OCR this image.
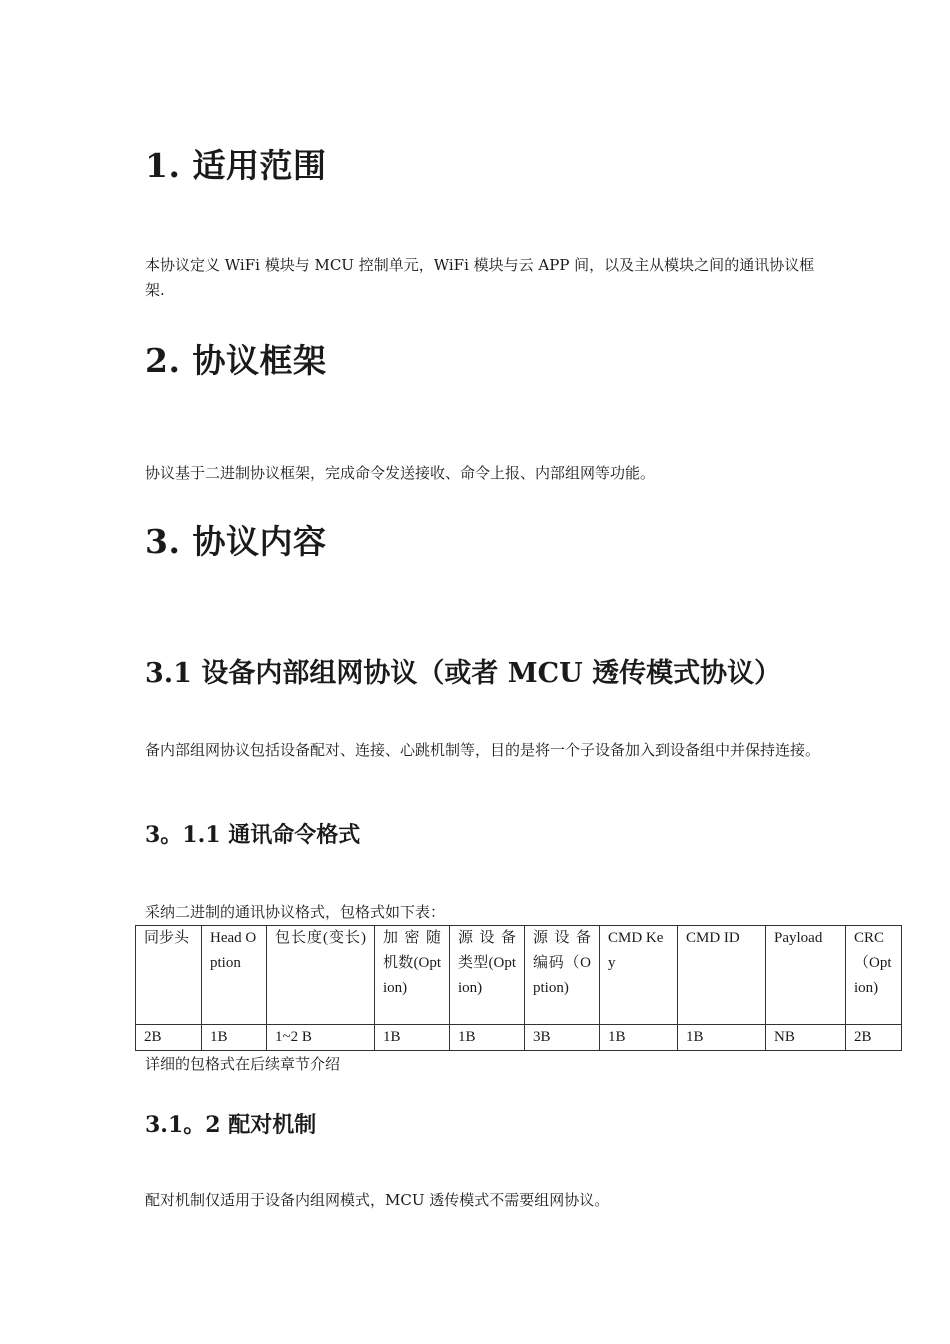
1. 适用范围
本协议定义 WiFi 模块与 MCU 控制单元，WiFi 模块与云 APP 间，以及主从模块之间的通讯协议框架.
2. 协议框架
协议基于二进制协议框架，完成命令发送接收、命令上报、内部组网等功能。
3. 协议内容
3.1 设备内部组网协议（或者 MCU 透传模式协议）
备内部组网协议包括设备配对、连接、心跳机制等，目的是将一个子设备加入到设备组中并保持连接。
3。1.1 通讯命令格式
采纳二进制的通讯协议格式，包格式如下表：
同步头	Head Option	包长度(变长)	加密随机数(Option)	源设备类型(Option)	源设备编码（Option)	CMD Key	CMD ID	Payload	CRC（Option)
2B	1B	1~2 B	1B	1B	3B	1B	1B	NB	2B
详细的包格式在后续章节介绍
3.1。2 配对机制
配对机制仅适用于设备内组网模式，MCU 透传模式不需要组网协议。
